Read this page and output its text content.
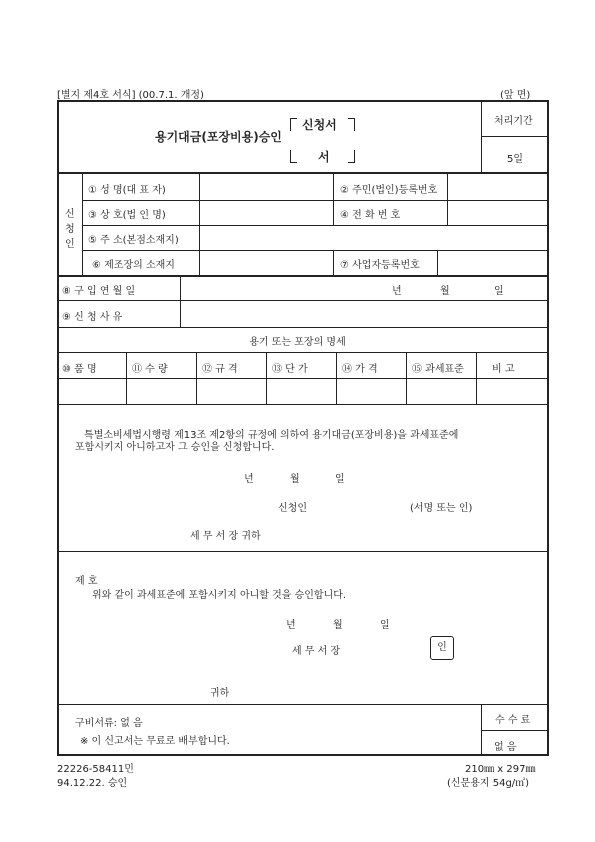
[별지 제4호 서식] (00.7.1. 개정)	(앞 면)
용기대금(포장비용)승인
신청서
서
처리기간
5일
신
청
인
① 성 명(대 표 자)	② 주민(법인)등록번호
③ 상 호(법 인 명)	④ 전 화 번 호
⑤ 주 소(본점소재지)
⑥ 제조장의 소재지	⑦ 사업자등록번호
⑧ 구 입 연 월 일	년	월	일
⑨ 신 청 사 유
용기 또는 포장의 명세
⑩ 품 명	⑪ 수 량	⑫ 규 격	⑬ 단 가	⑭ 가 격	⑮ 과세표준	비 고
특별소비세법시행령 제13조 제2항의 규정에 의하여 용기대금(포장비용)을 과세표준에
포함시키지 아니하고자 그 승인을 신청합니다.
년	월	일
신청인	(서명 또는 인)
세 무 서 장 귀하
제 호
위와 같이 과세표준에 포함시키지 아니할 것을 승인합니다.
년	월	일
세 무 서 장	인
귀하
구비서류: 없 음
※ 이 신고서는 무료로 배부합니다.
수 수 료
없 음
22226-58411민	210㎜ x 297㎜
94.12.22. 승인	(신문용지 54g/㎡)
